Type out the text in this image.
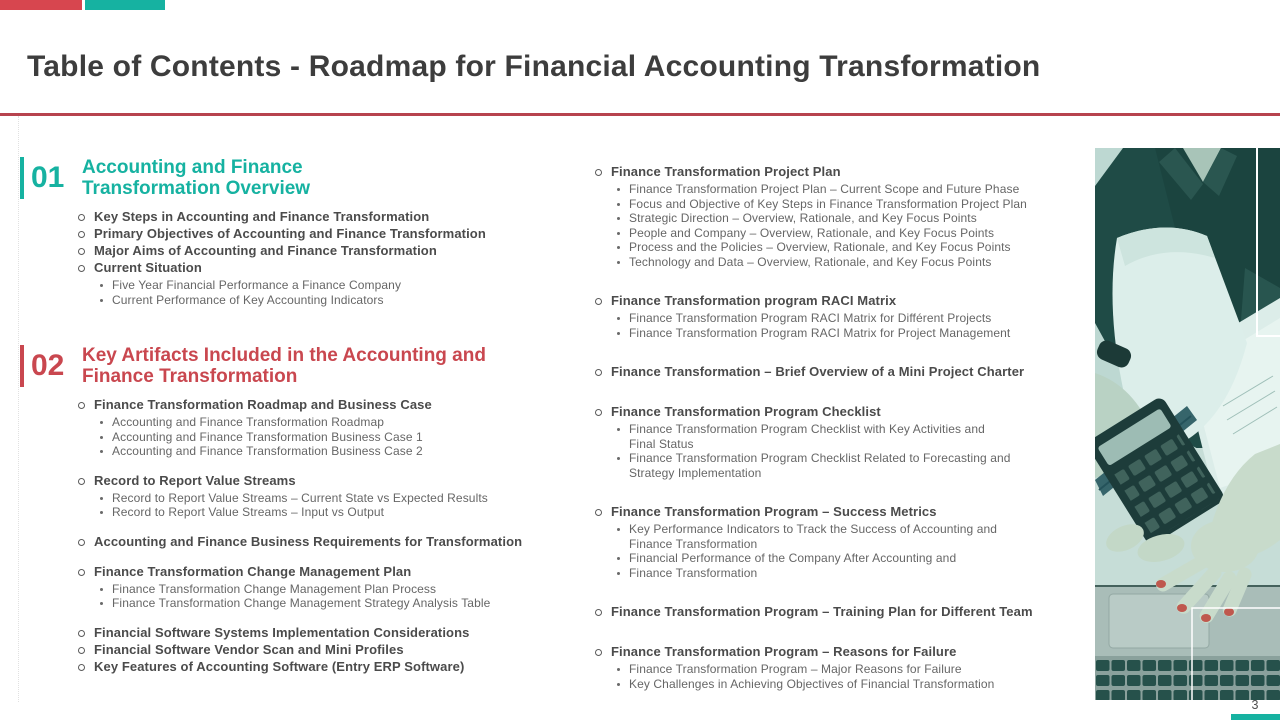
Table of Contents - Roadmap for Financial Accounting Transformation
01 Accounting and Finance Transformation Overview
Key Steps in Accounting and Finance Transformation
Primary Objectives of Accounting and Finance Transformation
Major Aims of Accounting and Finance Transformation
Current Situation
Five Year Financial Performance a Finance Company
Current Performance of Key Accounting Indicators
02 Key Artifacts Included in the Accounting and Finance Transformation
Finance Transformation Roadmap and Business Case
Accounting and Finance Transformation Roadmap
Accounting and Finance Transformation Business Case 1
Accounting and Finance Transformation Business Case 2
Record to Report Value Streams
Record to Report Value Streams – Current State vs Expected Results
Record to Report Value Streams – Input vs Output
Accounting and Finance Business Requirements for Transformation
Finance Transformation Change Management Plan
Finance Transformation Change Management Plan Process
Finance Transformation Change Management Strategy Analysis Table
Financial Software Systems Implementation Considerations
Financial Software Vendor Scan and Mini Profiles
Key Features of Accounting Software (Entry ERP Software)
Finance Transformation Project Plan
Finance Transformation Project Plan – Current Scope and Future Phase
Focus and Objective of Key Steps in Finance Transformation Project Plan
Strategic Direction – Overview, Rationale, and Key Focus Points
People and Company – Overview, Rationale, and Key Focus Points
Process and the Policies – Overview, Rationale, and Key Focus Points
Technology and Data – Overview, Rationale, and Key Focus Points
Finance Transformation program RACI Matrix
Finance Transformation Program RACI Matrix for Différent Projects
Finance Transformation Program RACI Matrix for Project Management
Finance Transformation – Brief Overview of a Mini Project Charter
Finance Transformation Program Checklist
Finance Transformation Program Checklist with Key Activities and
Final Status
Finance Transformation Program Checklist Related to Forecasting and
Strategy Implementation
Finance Transformation Program – Success Metrics
Key Performance Indicators to Track the Success of Accounting and
Finance Transformation
Financial Performance of the Company After Accounting and
Finance Transformation
Finance Transformation Program – Training Plan for Different Team
Finance Transformation Program – Reasons for Failure
Finance Transformation Program – Major Reasons for Failure
Key Challenges in Achieving Objectives of Financial Transformation
3
